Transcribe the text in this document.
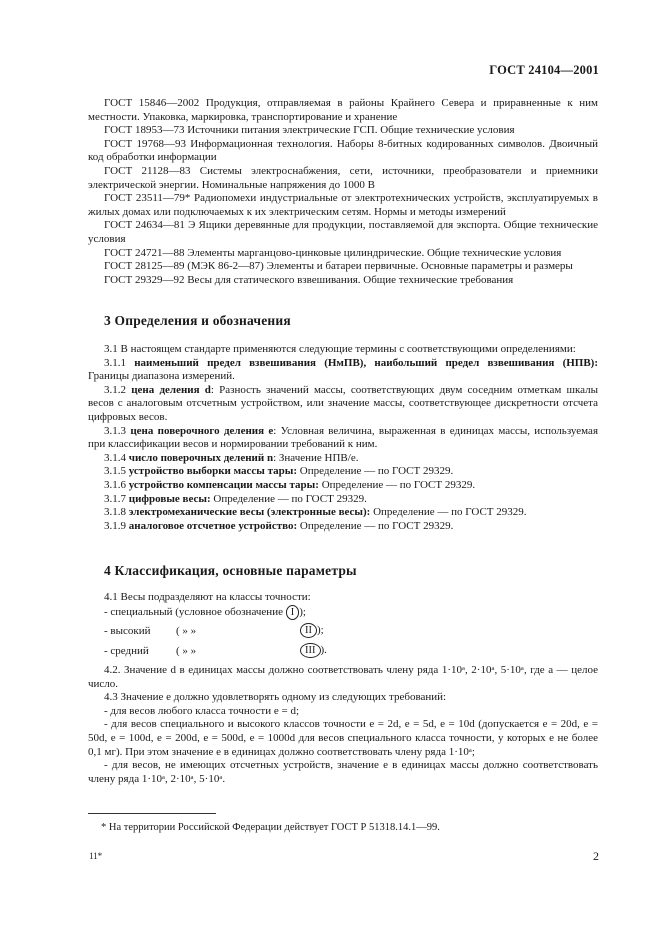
ГОСТ 24104—2001

ГОСТ 15846—2002 Продукция, отправляемая в районы Крайнего Севера и приравненные к ним местности. Упаковка, маркировка, транспортирование и хранение

ГОСТ 18953—73 Источники питания электрические ГСП. Общие технические условия

ГОСТ 19768—93 Информационная технология. Наборы 8-битных кодированных символов. Двоичный код обработки информации

ГОСТ 21128—83 Системы электроснабжения, сети, источники, преобразователи и приемники электрической энергии. Номинальные напряжения до 1000 В

ГОСТ 23511—79* Радиопомехи индустриальные от электротехнических устройств, эксплуатируемых в жилых домах или подключаемых к их электрическим сетям. Нормы и методы измерений

ГОСТ 24634—81 Э Ящики деревянные для продукции, поставляемой для экспорта. Общие технические условия

ГОСТ 24721—88 Элементы марганцово-цинковые цилиндрические. Общие технические условия

ГОСТ 28125—89 (МЭК 86-2—87) Элементы и батареи первичные. Основные параметры и размеры

ГОСТ 29329—92 Весы для статического взвешивания. Общие технические требования

3 Определения и обозначения

3.1 В настоящем стандарте применяются следующие термины с соответствующими определениями:

3.1.1 наименьший предел взвешивания (НмПВ), наибольший предел взвешивания (НПВ): Границы диапазона измерений.

3.1.2 цена деления d: Разность значений массы, соответствующих двум соседним отметкам шкалы весов с аналоговым отсчетным устройством, или значение массы, соответствующее дискретности отсчета цифровых весов.

3.1.3 цена поверочного деления e: Условная величина, выраженная в единицах массы, используемая при классификации весов и нормировании требований к ним.

3.1.4 число поверочных делений n: Значение НПВ/e.

3.1.5 устройство выборки массы тары: Определение — по ГОСТ 29329.

3.1.6 устройство компенсации массы тары: Определение — по ГОСТ 29329.

3.1.7 цифровые весы: Определение — по ГОСТ 29329.

3.1.8 электромеханические весы (электронные весы): Определение — по ГОСТ 29329.

3.1.9 аналоговое отсчетное устройство: Определение — по ГОСТ 29329.

4 Классификация, основные параметры

4.1 Весы подразделяют на классы точности:

- специальный (условное обозначение I );
- высокий ( » »	II );
- средний ( » »	III ).

4.2. Значение d в единицах массы должно соответствовать члену ряда 1·10ᵃ, 2·10ᵃ, 5·10ᵃ, где a — целое число.

4.3 Значение e должно удовлетворять одному из следующих требований:

- для весов любого класса точности e = d;

- для весов специального и высокого классов точности e = 2d, e = 5d, e = 10d (допускается e = 20d, e = 50d, e = 100d, e = 200d, e = 500d, e = 1000d для весов специального класса точности, у которых e не более 0,1 мг). При этом значение e в единицах должно соответствовать члену ряда 1·10ᵃ;

- для весов, не имеющих отсчетных устройств, значение e в единицах массы должно соответствовать члену ряда 1·10ᵃ, 2·10ᵃ, 5·10ᵃ.

* На территории Российской Федерации действует ГОСТ Р 51318.14.1—99.
11*	2
